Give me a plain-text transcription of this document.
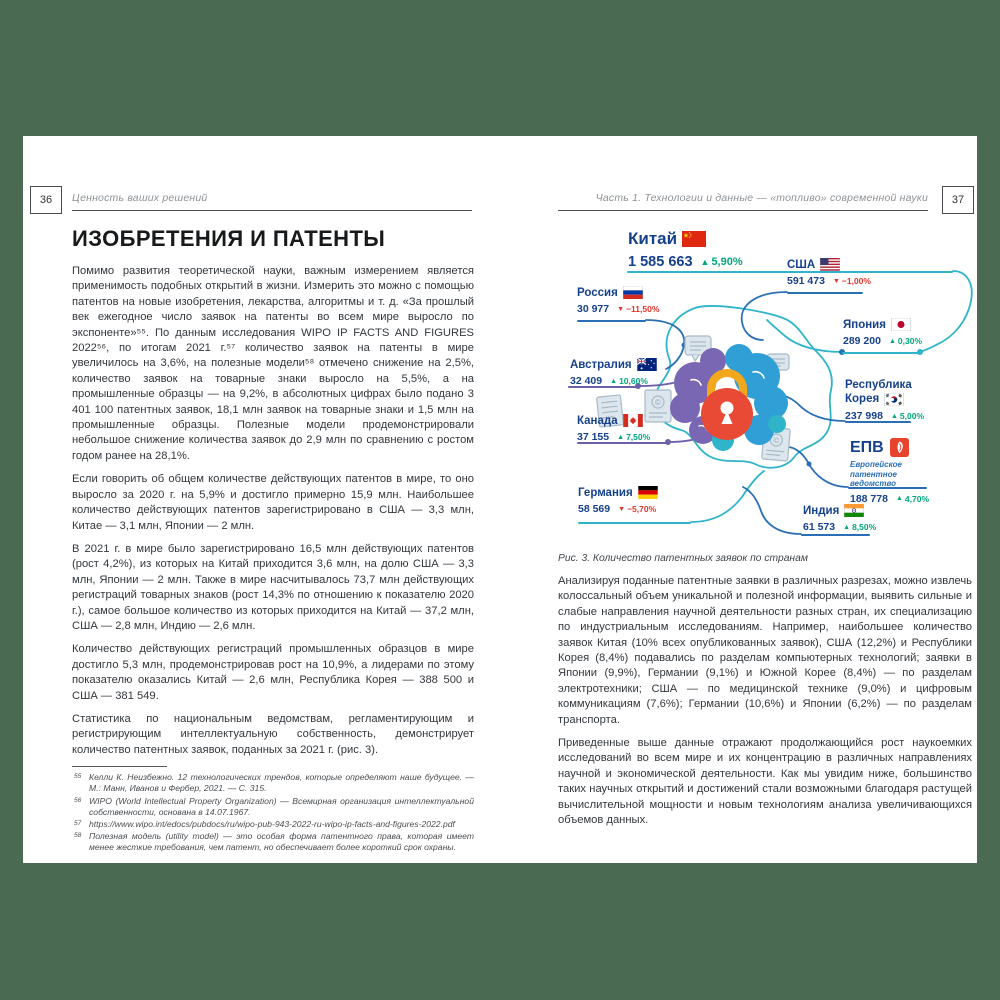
36	Ценность ваших решений	Часть 1. Технологии и данные — «топливо» современной науки	37
ИЗОБРЕТЕНИЯ И ПАТЕНТЫ

Помимо развития теоретической науки, важным измерением является применимость подобных открытий в жизни. Измерить это можно с помощью патентов на новые изобретения, лекарства, алгоритмы и т. д. «За прошлый век ежегодное число заявок на патенты во всем мире выросло по экспоненте»⁵⁵. По данным исследования WIPO IP FACTS AND FIGURES 2022⁵⁶, по итогам 2021 г.⁵⁷ количество заявок на патенты в мире увеличилось на 3,6%, на полезные модели⁵⁸ отмечено снижение на 2,5%, количество заявок на товарные знаки выросло на 5,5%, а на промышленные образцы — на 9,2%, в абсолютных цифрах было подано 3 401 100 патентных заявок, 18,1 млн заявок на товарные знаки и 1,5 млн на промышленные образцы. Полезные модели продемонстрировали небольшое снижение количества заявок до 2,9 млн по сравнению с ростом годом ранее на 28,1%.

Если говорить об общем количестве действующих патентов в мире, то оно выросло за 2020 г. на 5,9% и достигло примерно 15,9 млн. Наибольшее количество действующих патентов зарегистрировано в США — 3,3 млн, Китае — 3,1 млн, Японии — 2 млн.

В 2021 г. в мире было зарегистрировано 16,5 млн действующих патентов (рост 4,2%), из которых на Китай приходится 3,6 млн, на долю США — 3,3 млн, Японии — 2 млн. Также в мире насчитывалось 73,7 млн действующих регистраций товарных знаков (рост 14,3% по отношению к показателю 2020 г.), самое большое количество из которых приходится на Китай — 37,2 млн, США — 2,8 млн, Индию — 2,6 млн.

Количество действующих регистраций промышленных образцов в мире достигло 5,3 млн, продемонстрировав рост на 10,9%, а лидерами по этому показателю оказались Китай — 2,6 млн, Республика Корея — 388 500 и США — 381 549.

Статистика по национальным ведомствам, регламентирующим и регистрирующим интеллектуальную собственность, демонстрирует количество патентных заявок, поданных за 2021 г. (рис. 3).

55 Келли К. Неизбежно. 12 технологических трендов, которые определяют наше будущее. — М.: Манн, Иванов и Фербер, 2021. — С. 315.
56 WIPO (World Intellectual Property Organization) — Всемирная организация интеллектуальной собственности, основана в 14.07.1967.
57 https://www.wipo.int/edocs/pubdocs/ru/wipo-pub-943-2022-ru-wipo-ip-facts-and-figures-2022.pdf
58 Полезная модель (utility model) — это особая форма патентного права, которая имеет менее жесткие требования, чем патент, но обеспечивает более короткий срок охраны.
©
©
Китай
1 585 663 ▲ 5,90%	США
591 473 ▼ −1,00%
Россия
30 977 ▼ −11,50%
Япония
289 200 ▲ 0,30%
Австралия
32 409 ▲ 10,60%	Республика

Корея
237 998 ▲ 5,00%
Канада
37 155 ▲ 7,50%
ЕПВ
Европейское патентное ведомство
188 778 ▲ 4,70%
Германия
58 569 ▼ −5,70%	Индия
61 573 ▲ 8,50%
Рис. 3. Количество патентных заявок по странам

Анализируя поданные патентные заявки в различных разрезах, можно извлечь колоссальный объем уникальной и полезной информации, выявить сильные и слабые направления научной деятельности разных стран, их специализацию по индустриальным исследованиям. Например, наибольшее количество заявок Китая (10% всех опубликованных заявок), США (12,2%) и Республики Корея (8,4%) подавались по разделам компьютерных технологий; заявки в Японии (9,9%), Германии (9,1%) и Южной Корее (8,4%) — по разделам электротехники; США — по медицинской технике (9,0%) и цифровым коммуникациям (7,6%); Германии (10,6%) и Японии (6,2%) — по разделам транспорта.

Приведенные выше данные отражают продолжающийся рост наукоемких исследований во всем мире и их концентрацию в различных направлениях научной и экономической деятельности. Как мы увидим ниже, большинство таких научных открытий и достижений стали возможными благодаря растущей вычислительной мощности и новым технологиям анализа увеличивающихся объемов данных.
